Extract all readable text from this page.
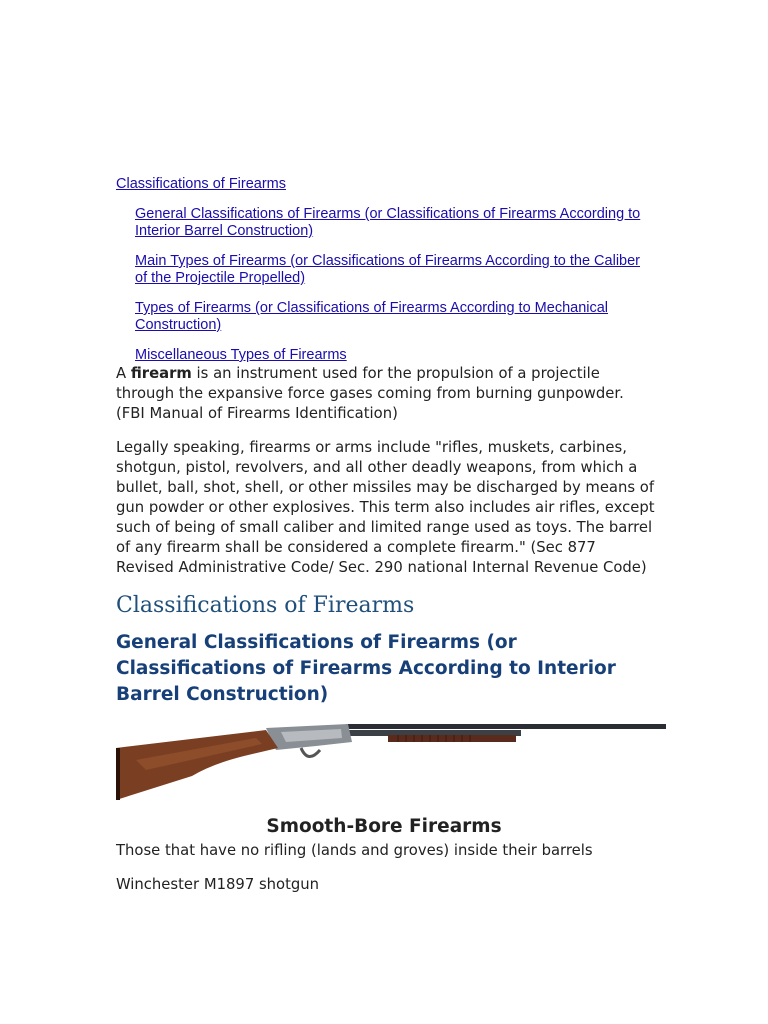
Classifications of Firearms
General Classifications of Firearms (or Classifications of Firearms According to Interior Barrel Construction)
Main Types of Firearms (or Classifications of Firearms According to the Caliber of the Projectile Propelled)
Types of Firearms (or Classifications of Firearms According to Mechanical Construction)
Miscellaneous Types of Firearms

A firearm is an instrument used for the propulsion of a projectile through the expansive force gases coming from burning gunpowder. (FBI Manual of Firearms Identification)

Legally speaking, firearms or arms include "rifles, muskets, carbines, shotgun, pistol, revolvers, and all other deadly weapons, from which a bullet, ball, shot, shell, or other missiles may be discharged by means of gun powder or other explosives. This term also includes air rifles, except such of being of small caliber and limited range used as toys. The barrel of any firearm shall be considered a complete firearm." (Sec 877 Revised Administrative Code/ Sec. 290 national Internal Revenue Code)

Classifications of Firearms
General Classifications of Firearms (or Classifications of Firearms According to Interior Barrel Construction)
Smooth-Bore Firearms

Those that have no rifling (lands and groves) inside their barrels

Winchester M1897 shotgun
